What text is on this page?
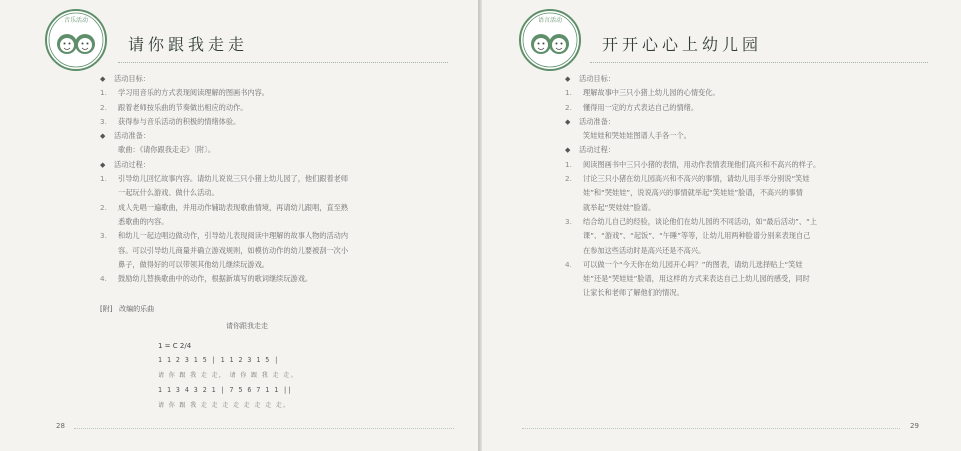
音乐活动
请你跟我走走
◆ 活动目标：
1. 学习用音乐的方式表现阅读理解的图画书内容。
2. 跟着老师按乐曲的节奏做出相应的动作。
3. 获得参与音乐活动的积极的情绪体验。
◆ 活动准备：
歌曲：《请你跟我走走》〔附〕。
◆ 活动过程：
1. 引导幼儿回忆故事内容。请幼儿说说三只小猪上幼儿园了，他们跟着老师
一起玩什么游戏、做什么活动。
2. 成人先唱一遍歌曲，并用动作辅助表现歌曲情境，再请幼儿跟唱，直至熟
悉歌曲的内容。
3. 和幼儿一起边唱边做动作，引导幼儿表现阅读中理解的故事人物的活动内
容。可以引导幼儿商量并确立游戏规则，如模仿动作的幼儿要被刮一次小
鼻子，做得好的可以带领其他幼儿继续玩游戏。
4. 鼓励幼儿替换歌曲中的动作，根据新填写的歌词继续玩游戏。
[附] 改编的乐曲
请你跟我走走
1 = C 2/4
1 1 2 3 1 5 | 1 1 2 3 1 5 |
请 你 跟 我 走 走， 请 你 跟 我 走 走。
1 1 3 4 3 2 1 | 7 5 6 7 1 1 ||
请 你 跟 我 走 走 走 走 走 走 走 走。
28
语言活动
开开心心上幼儿园
◆ 活动目标：
1. 理解故事中三只小猪上幼儿园的心情变化。
2. 懂得用一定的方式表达自己的情绪。
◆ 活动准备：
笑娃娃和哭娃娃图谱人手各一个。
◆ 活动过程：
1. 阅读图画书中三只小猪的表情，用动作表情表现他们高兴和不高兴的样子。
2. 讨论三只小猪在幼儿园高兴和不高兴的事情，请幼儿用手举分别说“笑娃
娃”和“哭娃娃”，说说高兴的事情就举起“笑娃娃”脸谱，不高兴的事情
就举起“哭娃娃”脸谱。
3. 结合幼儿自己的经验，谈论他们在幼儿园的不同活动，如“最后活动”、“上
课”、“游戏”、“起饭”、“午睡”等等，让幼儿用两种脸谱分别来表现自己
在参加这些活动时是高兴还是不高兴。
4. 可以做一个“今天你在幼儿园开心吗？”的图表，请幼儿选择贴上“笑娃
娃”还是“哭娃娃”脸谱，用这样的方式来表达自己上幼儿园的感受，同时
让家长和老师了解他们的情况。
29
